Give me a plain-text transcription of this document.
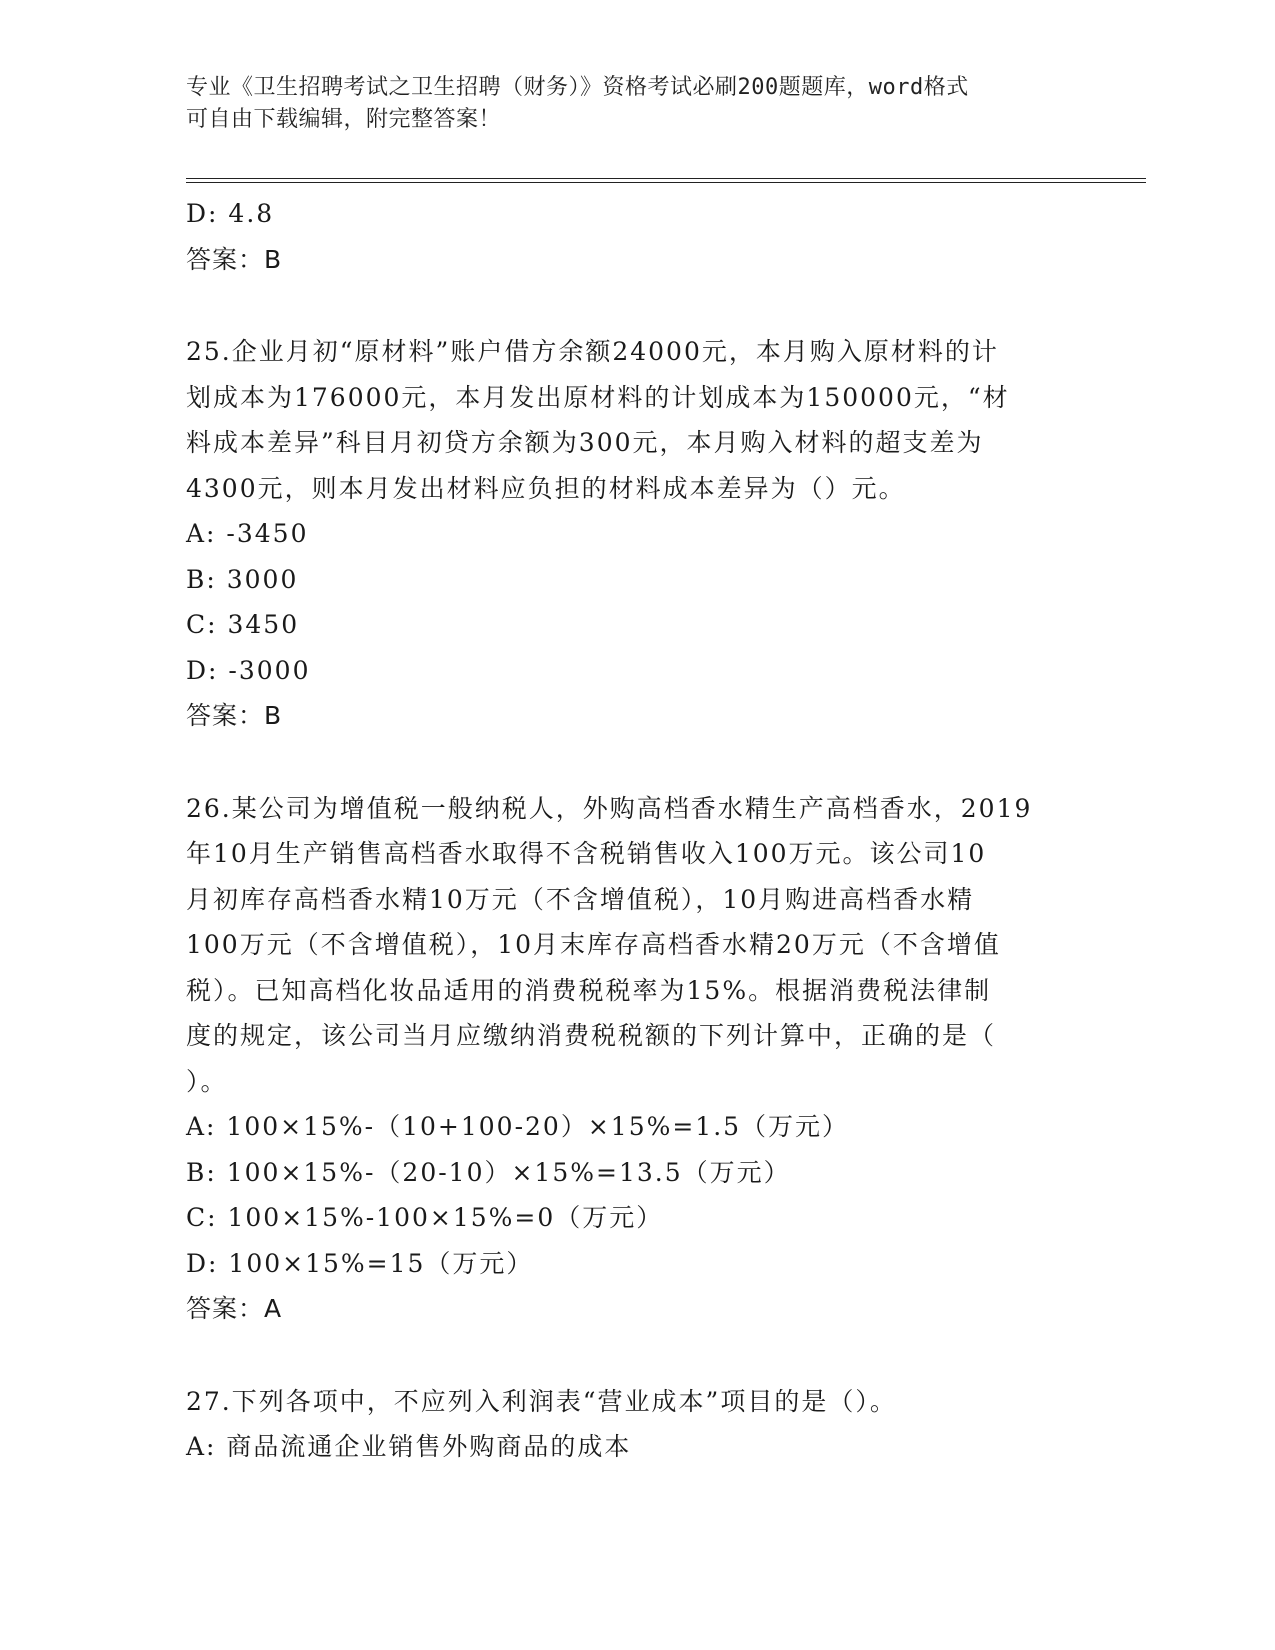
专业《卫生招聘考试之卫生招聘（财务）》资格考试必刷200题题库，word格式
可自由下载编辑，附完整答案！
D: 4.8
答案：B
25.企业月初“原材料”账户借方余额24000元，本月购入原材料的计
划成本为176000元，本月发出原材料的计划成本为150000元，“材
料成本差异”科目月初贷方余额为300元，本月购入材料的超支差为
4300元，则本月发出材料应负担的材料成本差异为（）元。
A: -3450
B: 3000
C: 3450
D: -3000
答案：B
26.某公司为增值税一般纳税人，外购高档香水精生产高档香水，2019
年10月生产销售高档香水取得不含税销售收入100万元。该公司10
月初库存高档香水精10万元（不含增值税），10月购进高档香水精
100万元（不含增值税），10月末库存高档香水精20万元（不含增值
税）。已知高档化妆品适用的消费税税率为15%。根据消费税法律制
度的规定，该公司当月应缴纳消费税税额的下列计算中，正确的是（
）。
A: 100×15%-（10+100-20）×15%=1.5（万元）
B: 100×15%-（20-10）×15%=13.5（万元）
C: 100×15%-100×15%=0（万元）
D: 100×15%=15（万元）
答案：A
27.下列各项中，不应列入利润表“营业成本”项目的是（）。
A: 商品流通企业销售外购商品的成本
